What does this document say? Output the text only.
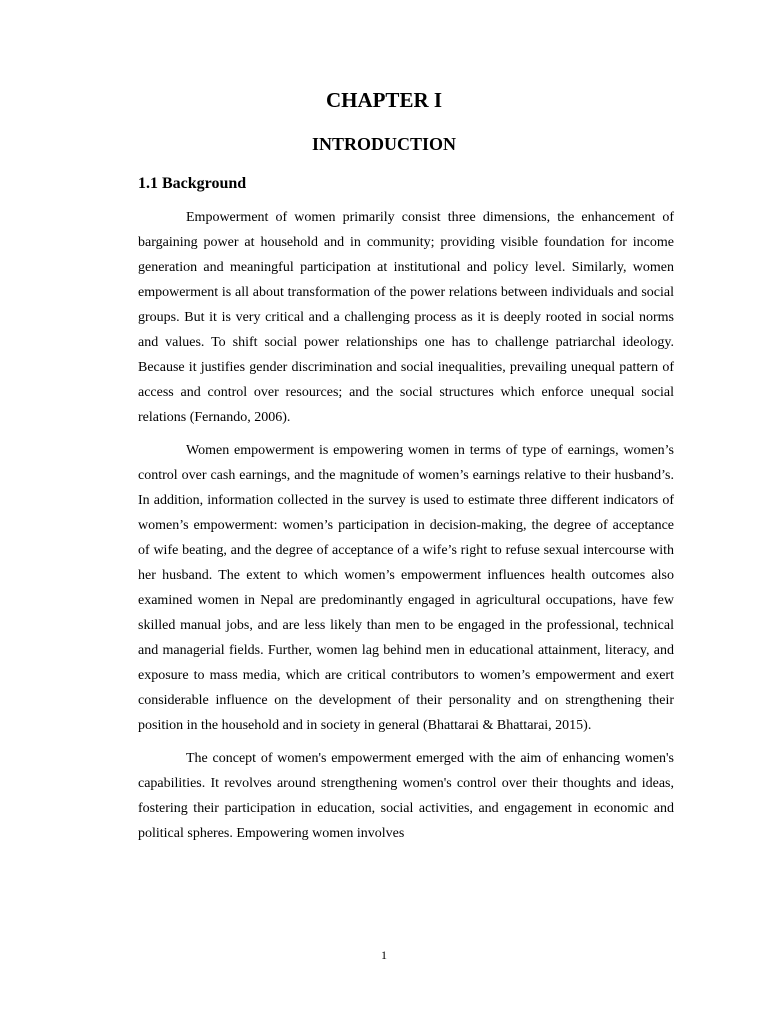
CHAPTER I
INTRODUCTION
1.1 Background

Empowerment of women primarily consist three dimensions, the enhancement of bargaining power at household and in community; providing visible foundation for income generation and meaningful participation at institutional and policy level. Similarly, women empowerment is all about transformation of the power relations between individuals and social groups. But it is very critical and a challenging process as it is deeply rooted in social norms and values. To shift social power relationships one has to challenge patriarchal ideology. Because it justifies gender discrimination and social inequalities, prevailing unequal pattern of access and control over resources; and the social structures which enforce unequal social relations (Fernando, 2006).

Women empowerment is empowering women in terms of type of earnings, women’s control over cash earnings, and the magnitude of women’s earnings relative to their husband’s. In addition, information collected in the survey is used to estimate three different indicators of women’s empowerment: women’s participation in decision-making, the degree of acceptance of wife beating, and the degree of acceptance of a wife’s right to refuse sexual intercourse with her husband. The extent to which women’s empowerment influences health outcomes also examined women in Nepal are predominantly engaged in agricultural occupations, have few skilled manual jobs, and are less likely than men to be engaged in the professional, technical and managerial fields. Further, women lag behind men in educational attainment, literacy, and exposure to mass media, which are critical contributors to women’s empowerment and exert considerable influence on the development of their personality and on strengthening their position in the household and in society in general (Bhattarai & Bhattarai, 2015).

The concept of women's empowerment emerged with the aim of enhancing women's capabilities. It revolves around strengthening women's control over their thoughts and ideas, fostering their participation in education, social activities, and engagement in economic and political spheres. Empowering women involves

1
